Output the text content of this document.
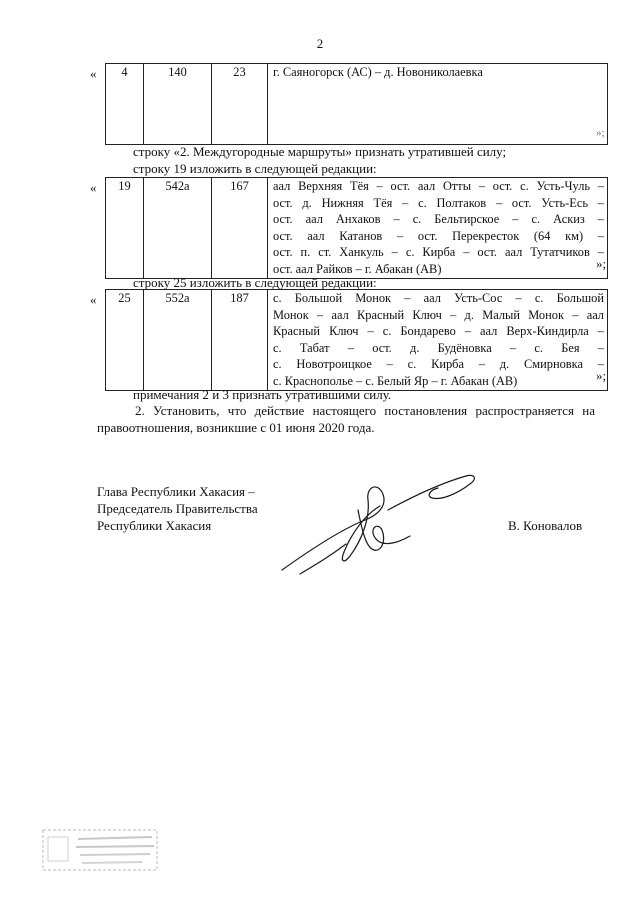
2
« 4	140	23	г. Саяногорск (АС) – д. Новониколаевка
»;
строку «2. Междугородные маршруты» признать утратившей силу;
строку 19 изложить в следующей редакции:
« 19	542а	167	аал Верхняя Тёя – ост. аал Отты – ост. с. Усть-Чуль –
ост. д. Нижняя Тёя – с. Полтаков – ост. Усть-Есь –
ост. аал Анхаков – с. Бельтирское – с. Аскиз –
ост. аал Катанов – ост. Перекресток (64 км) –
ост. п. ст. Ханкуль – с. Кирба – ост. аал Тутатчиков –
ост. аал Райков – г. Абакан (АВ)	»;
строку 25 изложить в следующей редакции:
« 25	552а	187	с. Большой Монок – аал Усть-Сос – с. Большой
Монок – аал Красный Ключ – д. Малый Монок – аал
Красный Ключ – с. Бондарево – аал Верх-Киндирла –
с. Табат – ост. д. Будёновка – с. Бея –
с. Новотроицкое – с. Кирба – д. Смирновка –
с. Краснополье – с. Белый Яр – г. Абакан (АВ)	»;
примечания 2 и 3 признать утратившими силу.
2. Установить, что действие настоящего постановления распространяется на правоотношения, возникшие с 01 июня 2020 года.
Глава Республики Хакасия –
Председатель Правительства
Республики Хакасия	В. Коновалов
